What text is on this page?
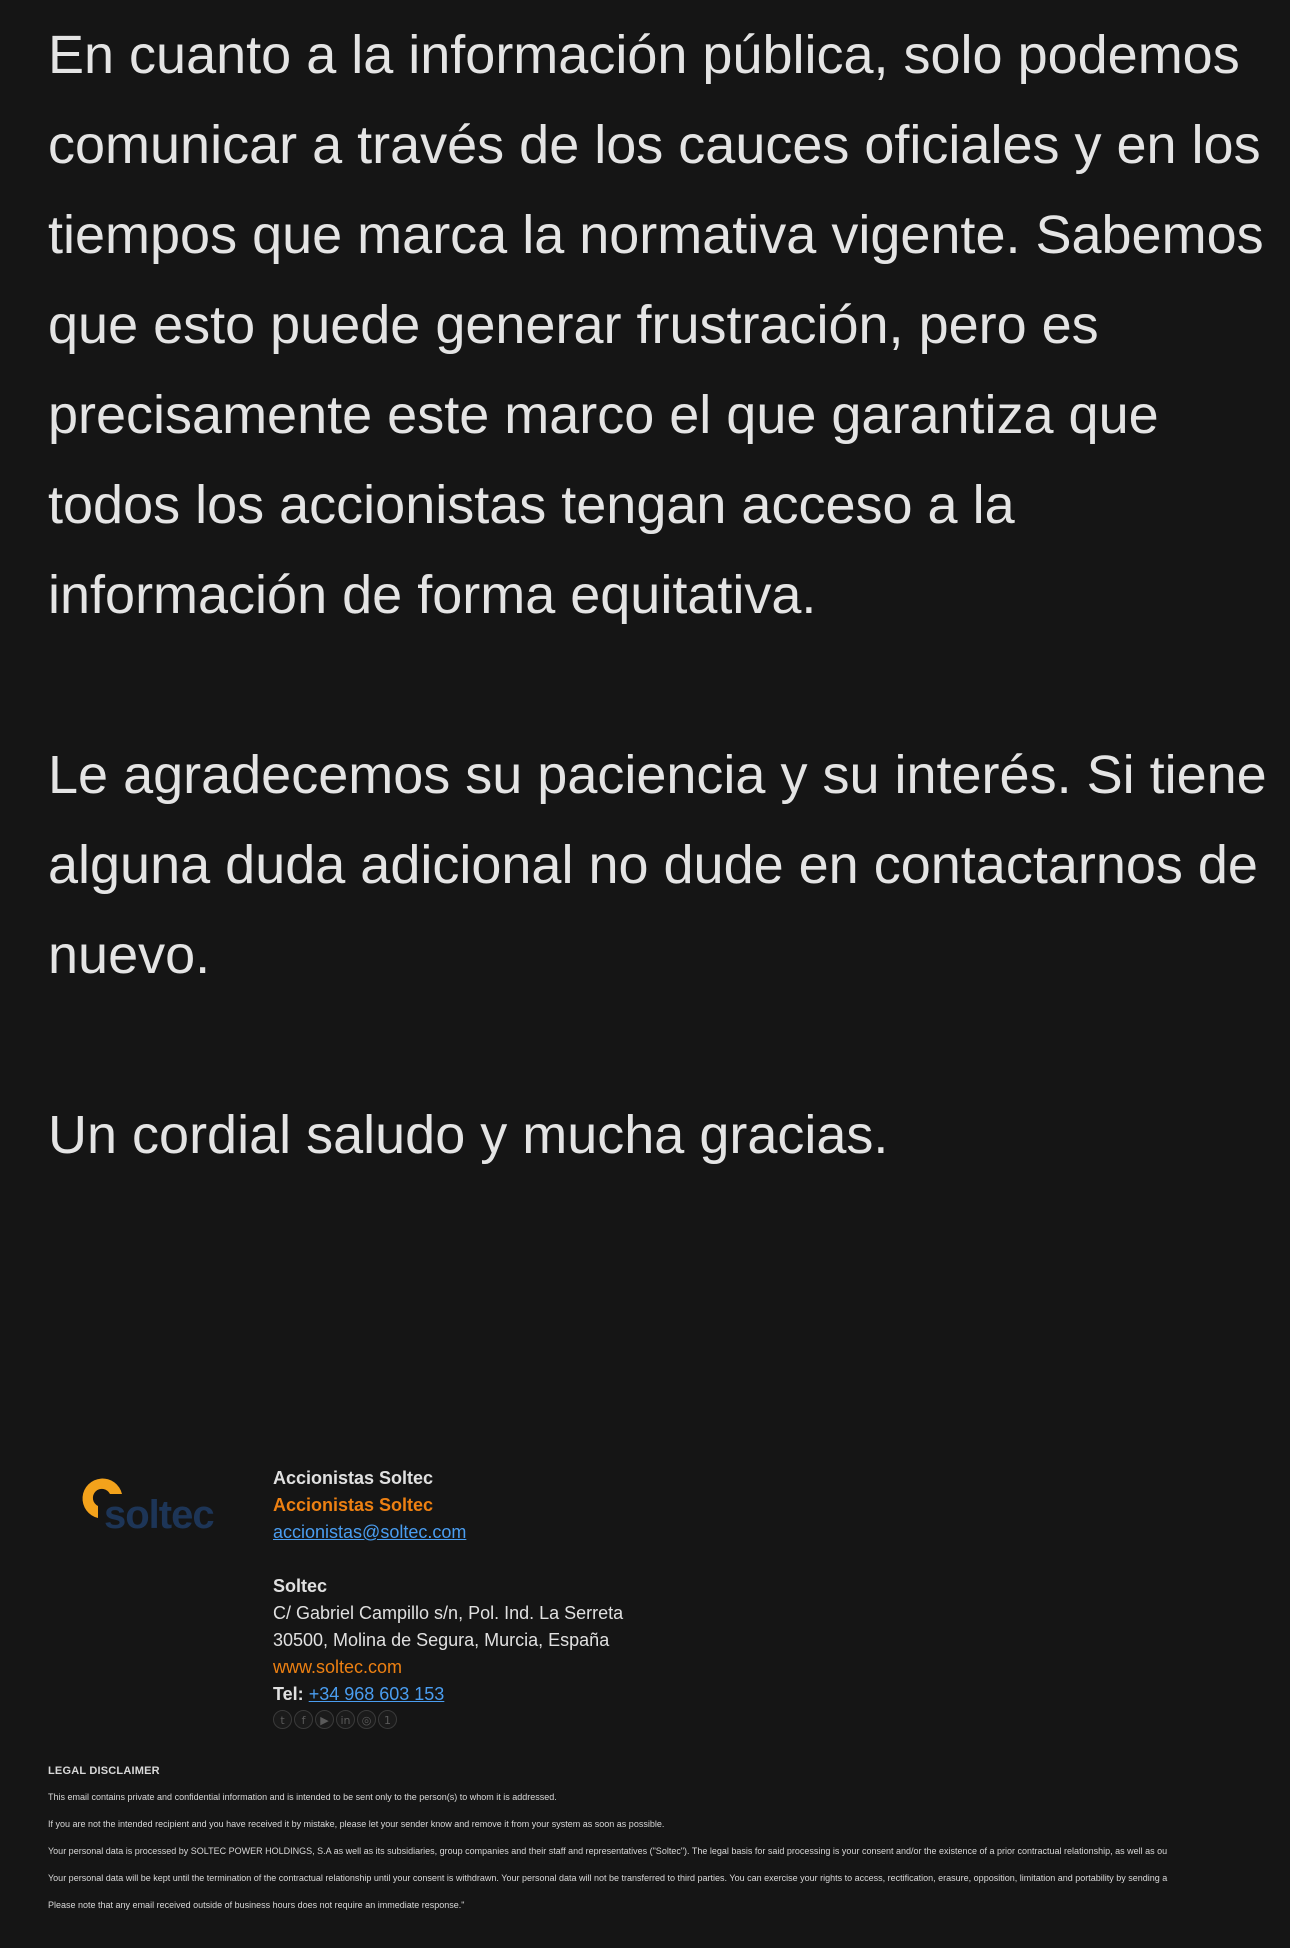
En cuanto a la información pública, solo podemos comunicar a través de los cauces oficiales y en los tiempos que marca la normativa vigente. Sabemos que esto puede generar frustración, pero es precisamente este marco el que garantiza que todos los accionistas tengan acceso a la información de forma equitativa.

Le agradecemos su paciencia y su interés. Si tiene alguna duda adicional no dude en contactarnos de nuevo.

Un cordial saludo y mucha gracias.

soltec
Accionistas Soltec
Accionistas Soltec
accionistas@soltec.com
Soltec
C/ Gabriel Campillo s/n, Pol. Ind. La Serreta
30500, Molina de Segura, Murcia, España
www.soltec.com
Tel: +34 968 603 153
t	f	▶	in	◎	1
LEGAL DISCLAIMER
This email contains private and confidential information and is intended to be sent only to the person(s) to whom it is addressed.
If you are not the intended recipient and you have received it by mistake, please let your sender know and remove it from your system as soon as possible.
Your personal data is processed by SOLTEC POWER HOLDINGS, S.A as well as its subsidiaries, group companies and their staff and representatives ("Soltec"). The legal basis for said processing is your consent and/or the existence of a prior contractual relationship, as well as ou
Your personal data will be kept until the termination of the contractual relationship until your consent is withdrawn. Your personal data will not be transferred to third parties. You can exercise your rights to access, rectification, erasure, opposition, limitation and portability by sending a
Please note that any email received outside of business hours does not require an immediate response."
